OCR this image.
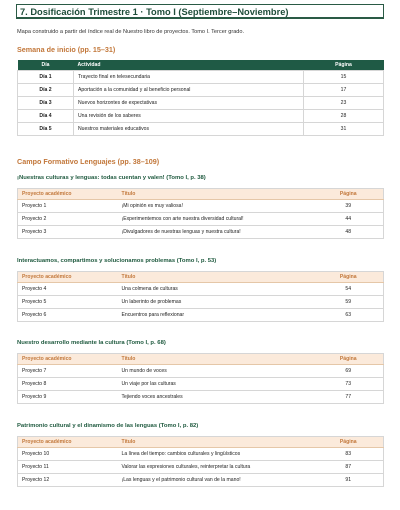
7. Dosificación Trimestre 1 · Tomo I (Septiembre–Noviembre)
Mapa construido a partir del índice real de Nuestro libro de proyectos. Tomo I. Tercer grado.
Semana de inicio (pp. 15–31)
Día	Actividad	Página
Día 1	Trayecto final en telesecundaria	15
Día 2	Aportación a la comunidad y al beneficio personal	17
Día 3	Nuevos horizontes de expectativas	23
Día 4	Una revisión de los saberes	28
Día 5	Nuestros materiales educativos	31
Campo Formativo Lenguajes (pp. 38–109)
¡Nuestras culturas y lenguas: todas cuentan y valen! (Tomo I, p. 38)
Proyecto académico	Título	Página
Proyecto 1	¡Mi opinión es muy valiosa!	39
Proyecto 2	¡Experimentemos con arte nuestra diversidad cultural!	44
Proyecto 3	¡Divulgadores de nuestras lenguas y nuestra cultura!	48
Interactuamos, compartimos y solucionamos problemas (Tomo I, p. 53)
Proyecto académico	Título	Página
Proyecto 4	Una colmena de culturas	54
Proyecto 5	Un laberinto de problemas	59
Proyecto 6	Encuentros para reflexionar	63
Nuestro desarrollo mediante la cultura (Tomo I, p. 68)
Proyecto académico	Título	Página
Proyecto 7	Un mundo de voces	69
Proyecto 8	Un viaje por las culturas	73
Proyecto 9	Tejiendo voces ancestrales	77
Patrimonio cultural y el dinamismo de las lenguas (Tomo I, p. 82)
Proyecto académico	Título	Página
Proyecto 10	La línea del tiempo: cambios culturales y lingüísticos	83
Proyecto 11	Valorar las expresiones culturales, reinterpretar la cultura	87
Proyecto 12	¡Las lenguas y el patrimonio cultural van de la mano!	91
